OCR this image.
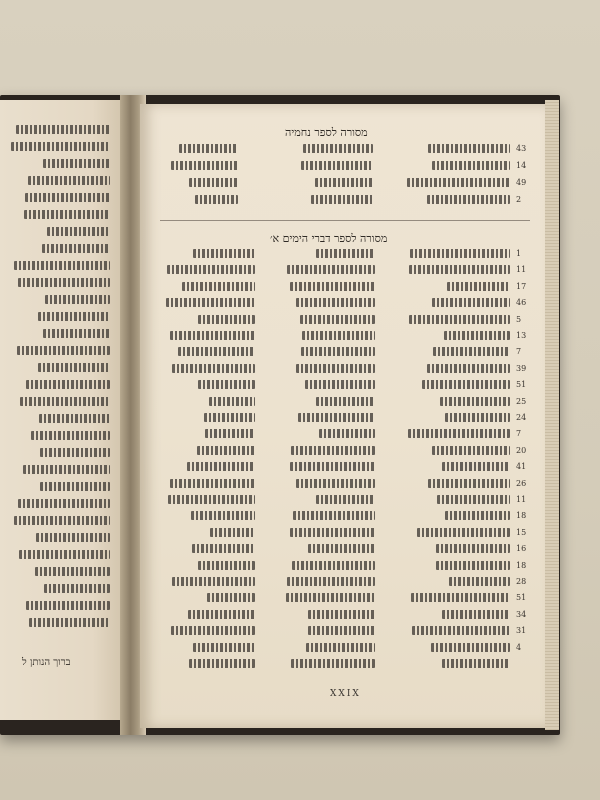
מסורה לספר נחמיה
מסורה לספר דברי הימים א׳
XXIX
1
11
17
46
5
13
7
39
51
25
24
7
20
41
26
11
18
15
16
18
28
51
34
31
4
43
14
49
2
ברוך הנותן ל
